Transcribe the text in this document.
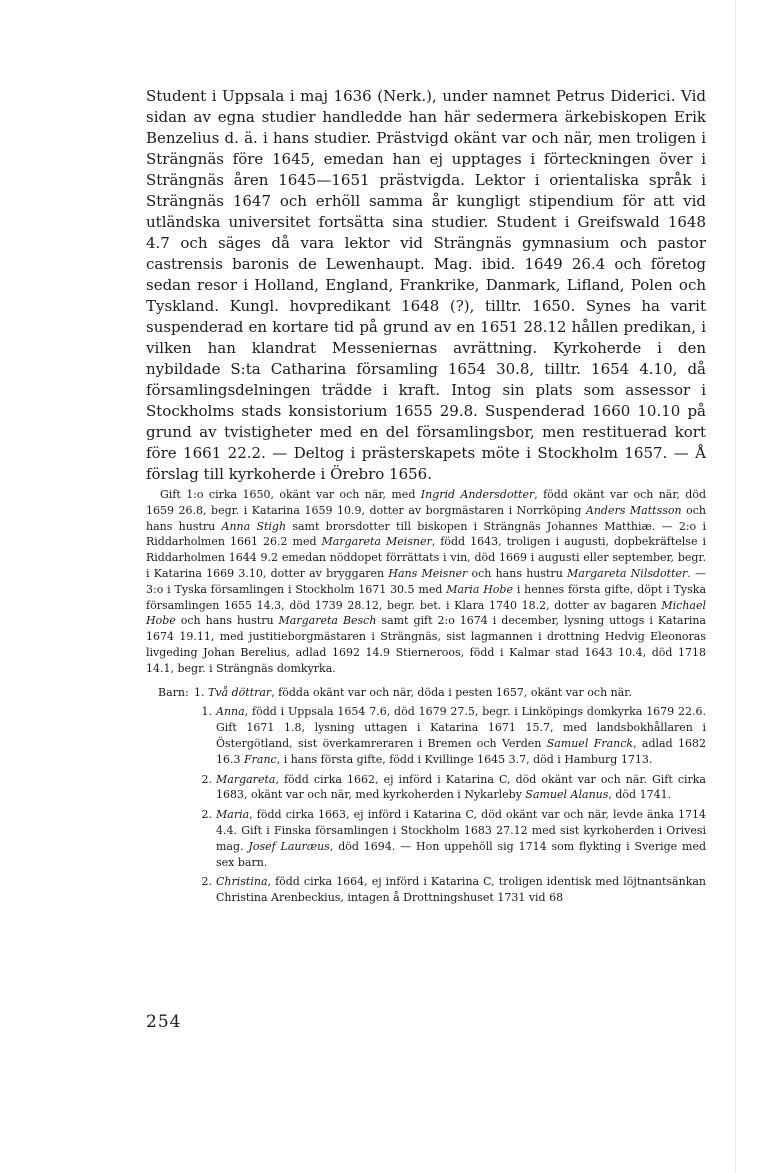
Student i Uppsala i maj 1636 (Nerk.), under namnet Petrus Diderici. Vid sidan av egna studier handledde han här sedermera ärkebiskopen Erik Benzelius d. ä. i hans studier. Prästvigd okänt var och när, men troligen i Strängnäs före 1645, emedan han ej upptages i förteckningen över i Strängnäs åren 1645—1651 prästvigda. Lektor i orientaliska språk i Strängnäs 1647 och erhöll samma år kungligt stipendium för att vid utländska universitet fortsätta sina studier. Student i Greifswald 1648 4.7 och säges då vara lektor vid Strängnäs gymnasium och pastor castrensis baronis de Lewenhaupt. Mag. ibid. 1649 26.4 och företog sedan resor i Holland, England, Frankrike, Danmark, Lifland, Polen och Tyskland. Kungl. hovpredikant 1648 (?), tilltr. 1650. Synes ha varit suspenderad en kortare tid på grund av en 1651 28.12 hållen predikan, i vilken han klandrat Messeniernas avrättning. Kyrkoherde i den nybildade S:ta Catharina församling 1654 30.8, tilltr. 1654 4.10, då församlingsdelningen trädde i kraft. Intog sin plats som assessor i Stockholms stads konsistorium 1655 29.8. Suspenderad 1660 10.10 på grund av tvistigheter med en del församlingsbor, men restituerad kort före 1661 22.2. — Deltog i prästerskapets möte i Stockholm 1657. — Å förslag till kyrkoherde i Örebro 1656.

Gift 1:o cirka 1650, okänt var och när, med Ingrid Andersdotter, född okänt var och när, död 1659 26.8, begr. i Katarina 1659 10.9, dotter av borgmästaren i Norrköping Anders Mattsson och hans hustru Anna Stigh samt brorsdotter till biskopen i Strängnäs Johannes Matthiæ. — 2:o i Riddarholmen 1661 26.2 med Margareta Meisner, född 1643, troligen i augusti, dopbekräftelse i Riddarholmen 1644 9.2 emedan nöddopet förrättats i vin, död 1669 i augusti eller september, begr. i Katarina 1669 3.10, dotter av bryggaren Hans Meisner och hans hustru Margareta Nilsdotter. — 3:o i Tyska församlingen i Stockholm 1671 30.5 med Maria Hobe i hennes första gifte, döpt i Tyska församlingen 1655 14.3, död 1739 28.12, begr. bet. i Klara 1740 18.2, dotter av bagaren Michael Hobe och hans hustru Margareta Besch samt gift 2:o 1674 i december, lysning uttogs i Katarina 1674 19.11, med justitieborgmästaren i Strängnäs, sist lagmannen i drottning Hedvig Eleonoras livgeding Johan Berelius, adlad 1692 14.9 Stierneroos, född i Kalmar stad 1643 10.4, död 1718 14.1, begr. i Strängnäs domkyrka.

Barn: 1. Två döttrar, födda okänt var och när, döda i pesten 1657, okänt var och när.
1. Anna, född i Uppsala 1654 7.6, död 1679 27.5, begr. i Linköpings domkyrka 1679 22.6. Gift 1671 1.8, lysning uttagen i Katarina 1671 15.7, med landsbokhållaren i Östergötland, sist överkamreraren i Bremen och Verden Samuel Franck, adlad 1682 16.3 Franc, i hans första gifte, född i Kvillinge 1645 3.7, död i Hamburg 1713.
2. Margareta, född cirka 1662, ej införd i Katarina C, död okänt var och när. Gift cirka 1683, okänt var och när, med kyrkoherden i Nykarleby Samuel Alanus, död 1741.
2. Maria, född cirka 1663, ej införd i Katarina C, död okänt var och när, levde änka 1714 4.4. Gift i Finska församlingen i Stockholm 1683 27.12 med sist kyrkoherden i Orivesi mag. Josef Lauræus, död 1694. — Hon uppehöll sig 1714 som flykting i Sverige med sex barn.
2. Christina, född cirka 1664, ej införd i Katarina C, troligen identisk med löjtnantsänkan Christina Arenbeckius, intagen å Drottningshuset 1731 vid 68
254
